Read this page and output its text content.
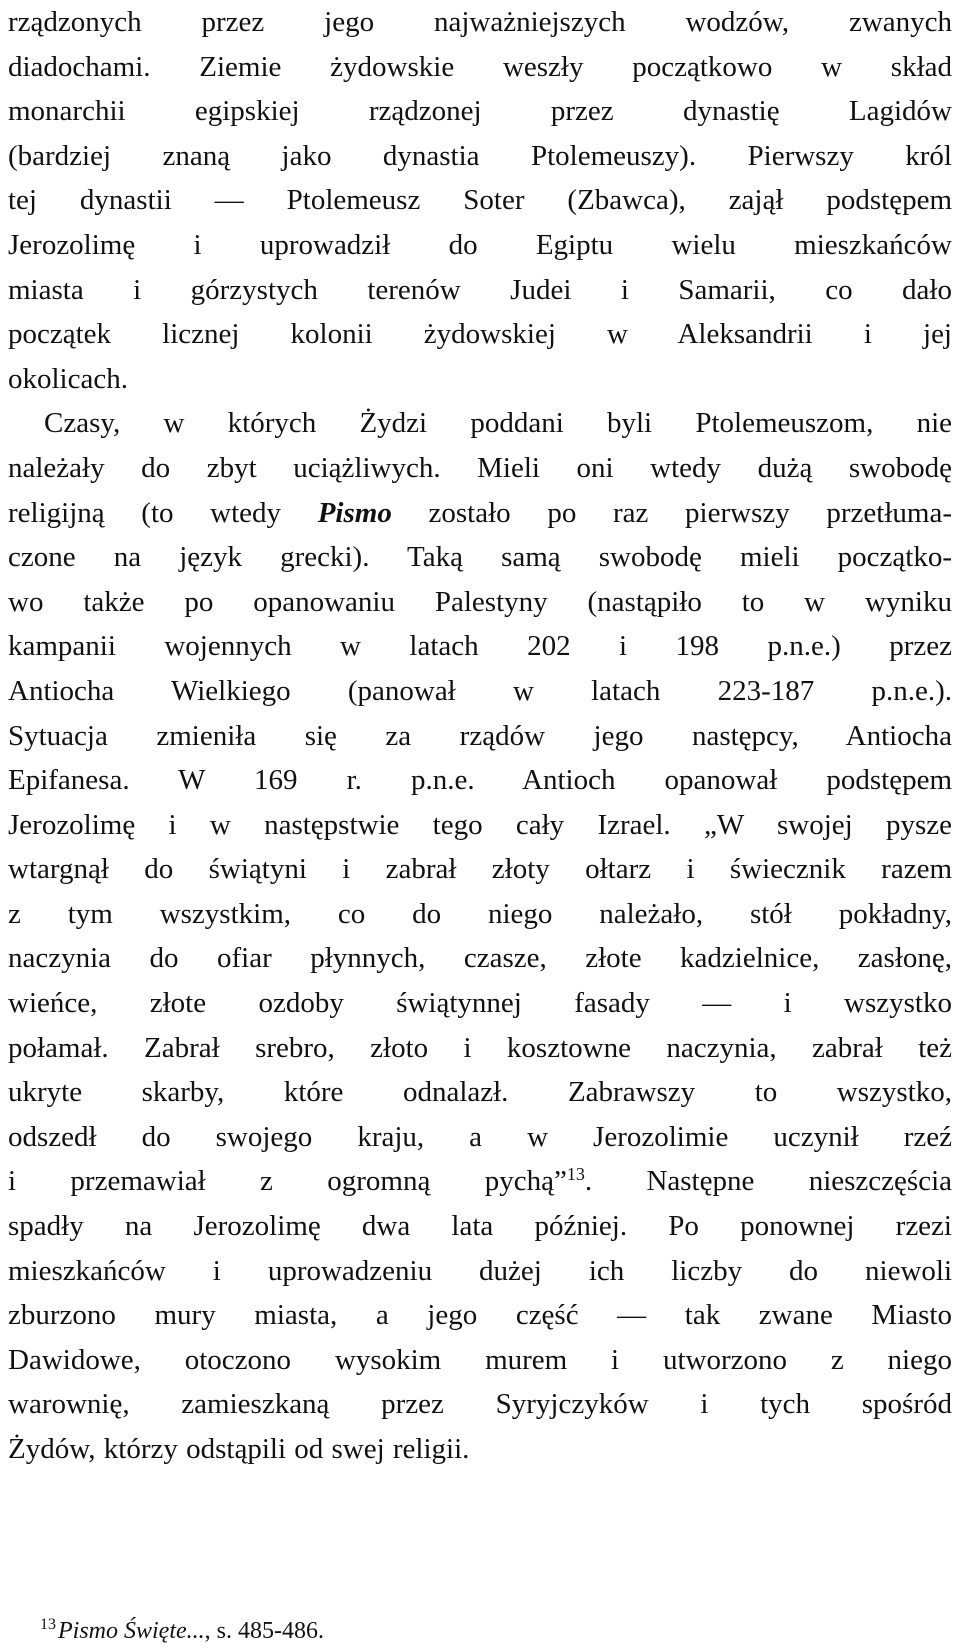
rządzonych przez jego najważniejszych wodzów, zwanych
diadochami. Ziemie żydowskie weszły początkowo w skład
monarchii egipskiej rządzonej przez dynastię Lagidów
(bardziej znaną jako dynastia Ptolemeuszy). Pierwszy król
tej dynastii — Ptolemeusz Soter (Zbawca), zajął podstępem
Jerozolimę i uprowadził do Egiptu wielu mieszkańców
miasta i górzystych terenów Judei i Samarii, co dało
początek licznej kolonii żydowskiej w Aleksandrii i jej
okolicach.

Czasy, w których Żydzi poddani byli Ptolemeuszom, nie
należały do zbyt uciążliwych. Mieli oni wtedy dużą swobodę
religijną (to wtedy Pismo zostało po raz pierwszy przetłuma-
czone na język grecki). Taką samą swobodę mieli początko-
wo także po opanowaniu Palestyny (nastąpiło to w wyniku
kampanii wojennych w latach 202 i 198 p.n.e.) przez
Antiocha Wielkiego (panował w latach 223-187 p.n.e.).
Sytuacja zmieniła się za rządów jego następcy, Antiocha
Epifanesa. W 169 r. p.n.e. Antioch opanował podstępem
Jerozolimę i w następstwie tego cały Izrael. „W swojej pysze
wtargnął do świątyni i zabrał złoty ołtarz i świecznik razem
z tym wszystkim, co do niego należało, stół pokładny,
naczynia do ofiar płynnych, czasze, złote kadzielnice, zasłonę,
wieńce, złote ozdoby świątynnej fasady — i wszystko
połamał. Zabrał srebro, złoto i kosztowne naczynia, zabrał też
ukryte skarby, które odnalazł. Zabrawszy to wszystko,
odszedł do swojego kraju, a w Jerozolimie uczynił rzeź
i przemawiał z ogromną pychą”$^{13}$. Następne nieszczęścia
spadły na Jerozolimę dwa lata później. Po ponownej rzezi
mieszkańców i uprowadzeniu dużej ich liczby do niewoli
zburzono mury miasta, a jego część — tak zwane Miasto
Dawidowe, otoczono wysokim murem i utworzono z niego
warownię, zamieszkaną przez Syryjczyków i tych spośród
Żydów, którzy odstąpili od swej religii.

$^{13}$Pismo Święte..., s. 485-486.
